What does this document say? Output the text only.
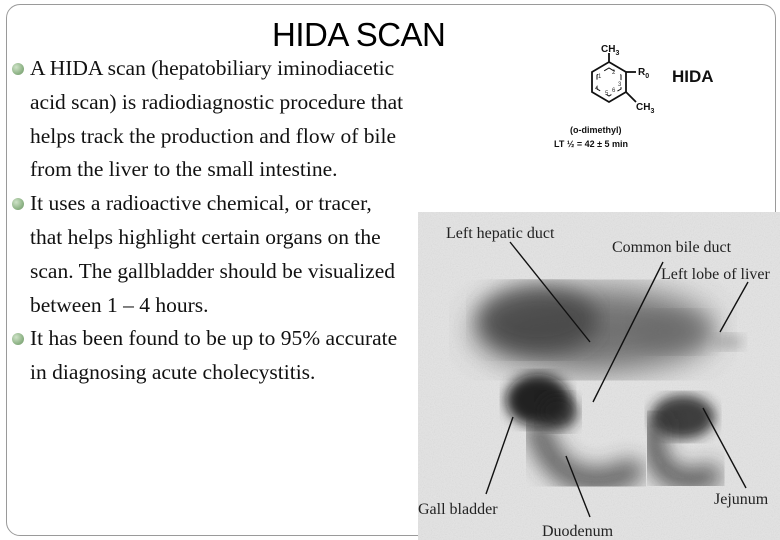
HIDA SCAN
A HIDA scan (hepatobiliary iminodiacetic acid scan) is radiodiagnostic procedure that helps track the production and flow of bile from the liver to the small intestine.
It uses a radioactive chemical, or tracer, that helps highlight certain organs on the scan. The gallbladder should be visualized between 1 – 4 hours.
It has been found to be up to 95% accurate in diagnosing acute cholecystitis.
$CH_3$
$R_0$
$CH_3$
1
2
3
4
5 6
HIDA
(o-dimethyl)
LT ½ = 42 ± 5 min
Left hepatic duct
Common bile duct
Left lobe of liver
Gall bladder
Duodenum
Jejunum
